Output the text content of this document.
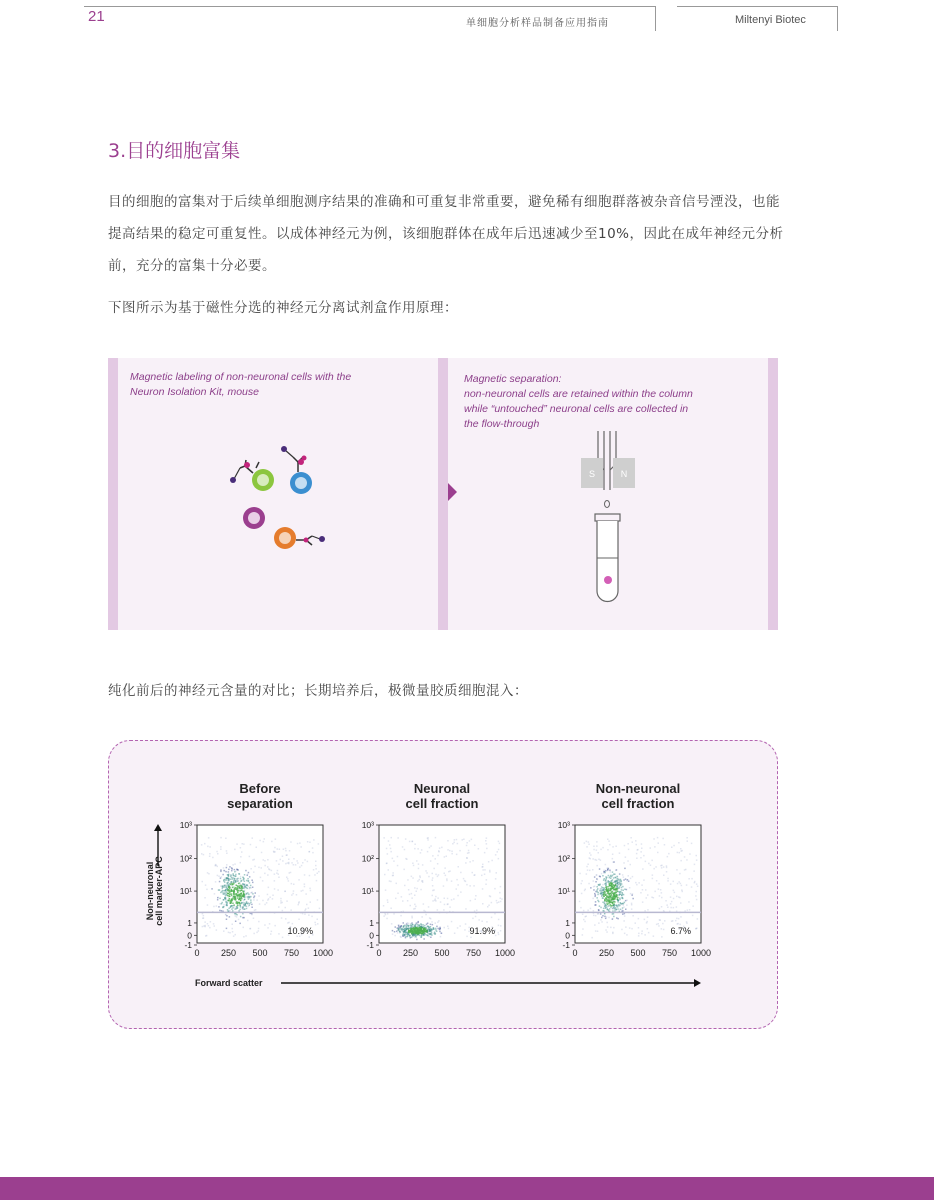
21	单细胞分析样品制备应用指南	Miltenyi Biotec
3.目的细胞富集
目的细胞的富集对于后续单细胞测序结果的准确和可重复非常重要，避免稀有细胞群落被杂音信号湮没，也能
提高结果的稳定可重复性。以成体神经元为例，该细胞群体在成年后迅速减少至10%，因此在成年神经元分析
前，充分的富集十分必要。
下图所示为基于磁性分选的神经元分离试剂盒作用原理：
Magnetic labeling of non-neuronal cells with the
Neuron Isolation Kit, mouse
Magnetic separation:
non-neuronal cells are retained within the column
while “untouched” neuronal cells are collected in
the flow-through
S	N
纯化前后的神经元含量的对比；长期培养后，极微量胶质细胞混入：
Non-neuronal cell marker-APC
Forward scatter
Before
separation
10.9%
10³
10²
10¹
1
0
-1
0 250 500 750 1000
Neuronal
cell fraction
91.9%
10³
10²
10¹
1
0
-1
0 250 500 750 1000
Non-neuronal
cell fraction
6.7%
10³
10²
10¹
1
0
-1
0 250 500 750 1000
